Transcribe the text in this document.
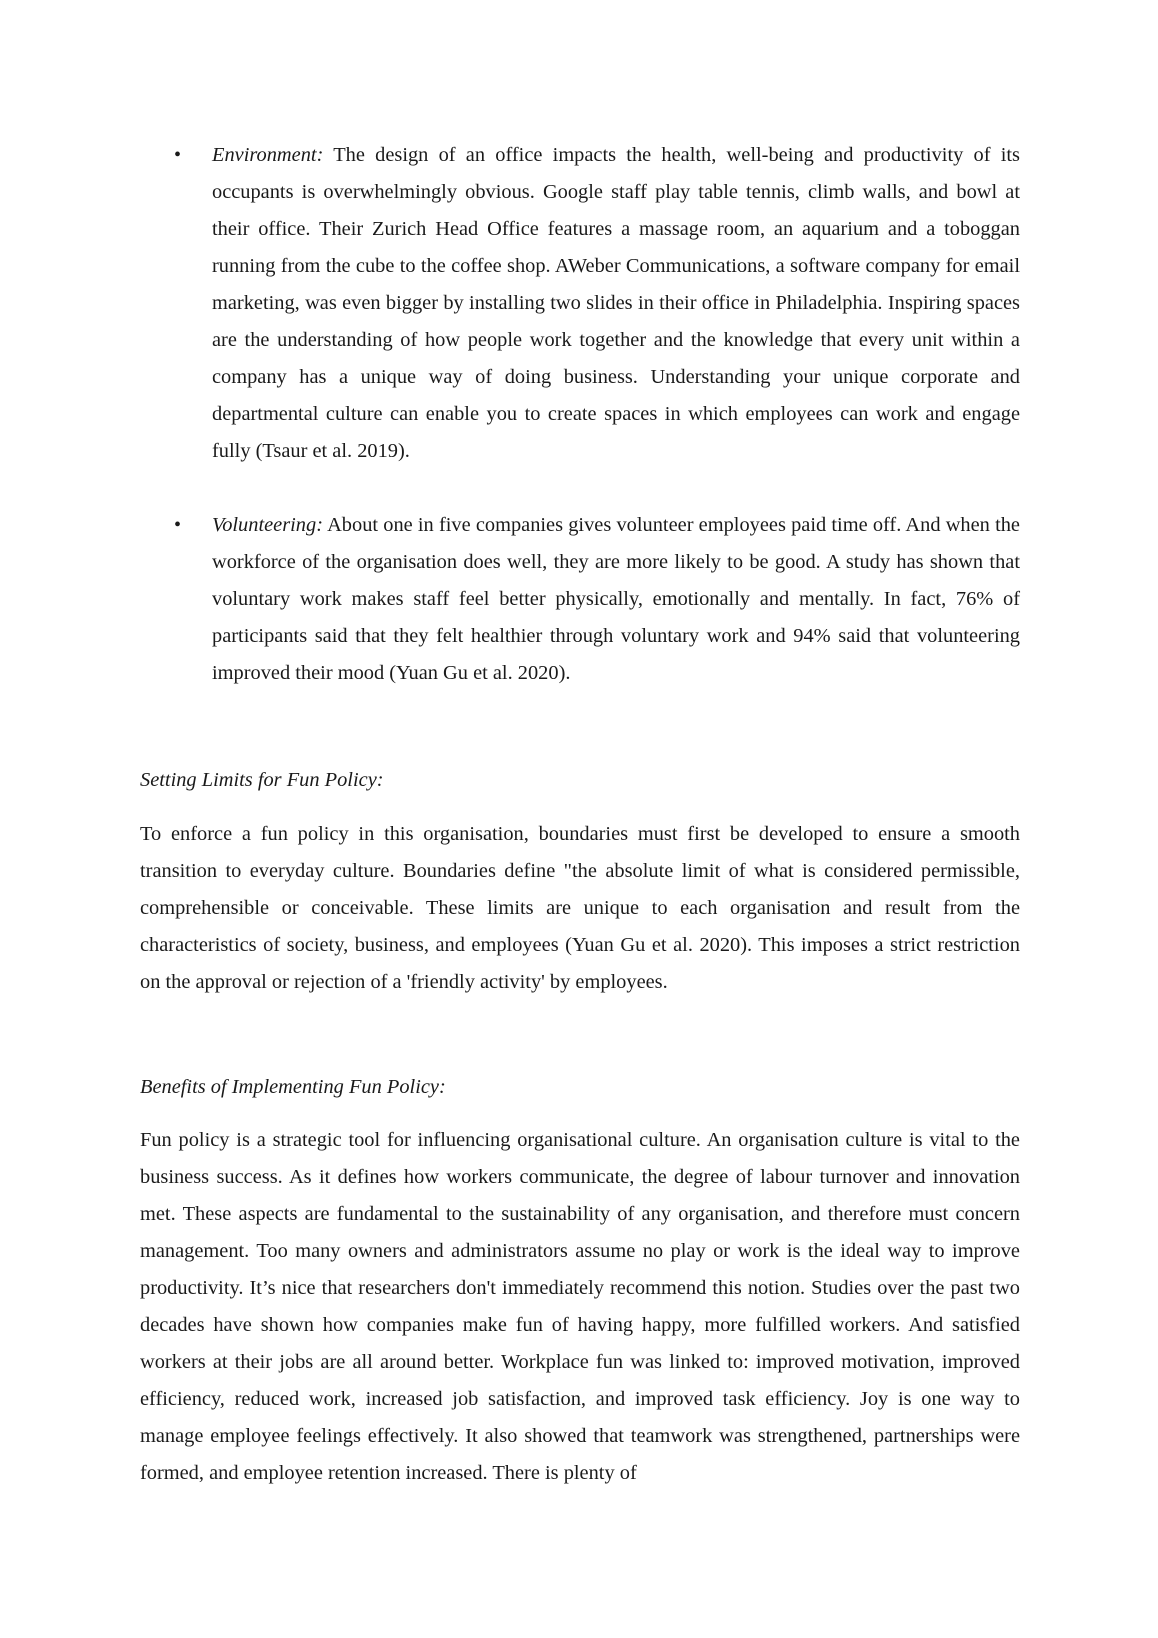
• Environment: The design of an office impacts the health, well-being and productivity of its occupants is overwhelmingly obvious. Google staff play table tennis, climb walls, and bowl at their office. Their Zurich Head Office features a massage room, an aquarium and a toboggan running from the cube to the coffee shop. AWeber Communications, a software company for email marketing, was even bigger by installing two slides in their office in Philadelphia. Inspiring spaces are the understanding of how people work together and the knowledge that every unit within a company has a unique way of doing business. Understanding your unique corporate and departmental culture can enable you to create spaces in which employees can work and engage fully (Tsaur et al. 2019).

• Volunteering: About one in five companies gives volunteer employees paid time off. And when the workforce of the organisation does well, they are more likely to be good. A study has shown that voluntary work makes staff feel better physically, emotionally and mentally. In fact, 76% of participants said that they felt healthier through voluntary work and 94% said that volunteering improved their mood (Yuan Gu et al. 2020).

Setting Limits for Fun Policy:

To enforce a fun policy in this organisation, boundaries must first be developed to ensure a smooth transition to everyday culture. Boundaries define "the absolute limit of what is considered permissible, comprehensible or conceivable. These limits are unique to each organisation and result from the characteristics of society, business, and employees (Yuan Gu et al. 2020). This imposes a strict restriction on the approval or rejection of a 'friendly activity' by employees.

Benefits of Implementing Fun Policy:

Fun policy is a strategic tool for influencing organisational culture. An organisation culture is vital to the business success. As it defines how workers communicate, the degree of labour turnover and innovation met. These aspects are fundamental to the sustainability of any organisation, and therefore must concern management. Too many owners and administrators assume no play or work is the ideal way to improve productivity. It’s nice that researchers don't immediately recommend this notion. Studies over the past two decades have shown how companies make fun of having happy, more fulfilled workers. And satisfied workers at their jobs are all around better. Workplace fun was linked to: improved motivation, improved efficiency, reduced work, increased job satisfaction, and improved task efficiency. Joy is one way to manage employee feelings effectively. It also showed that teamwork was strengthened, partnerships were formed, and employee retention increased. There is plenty of
